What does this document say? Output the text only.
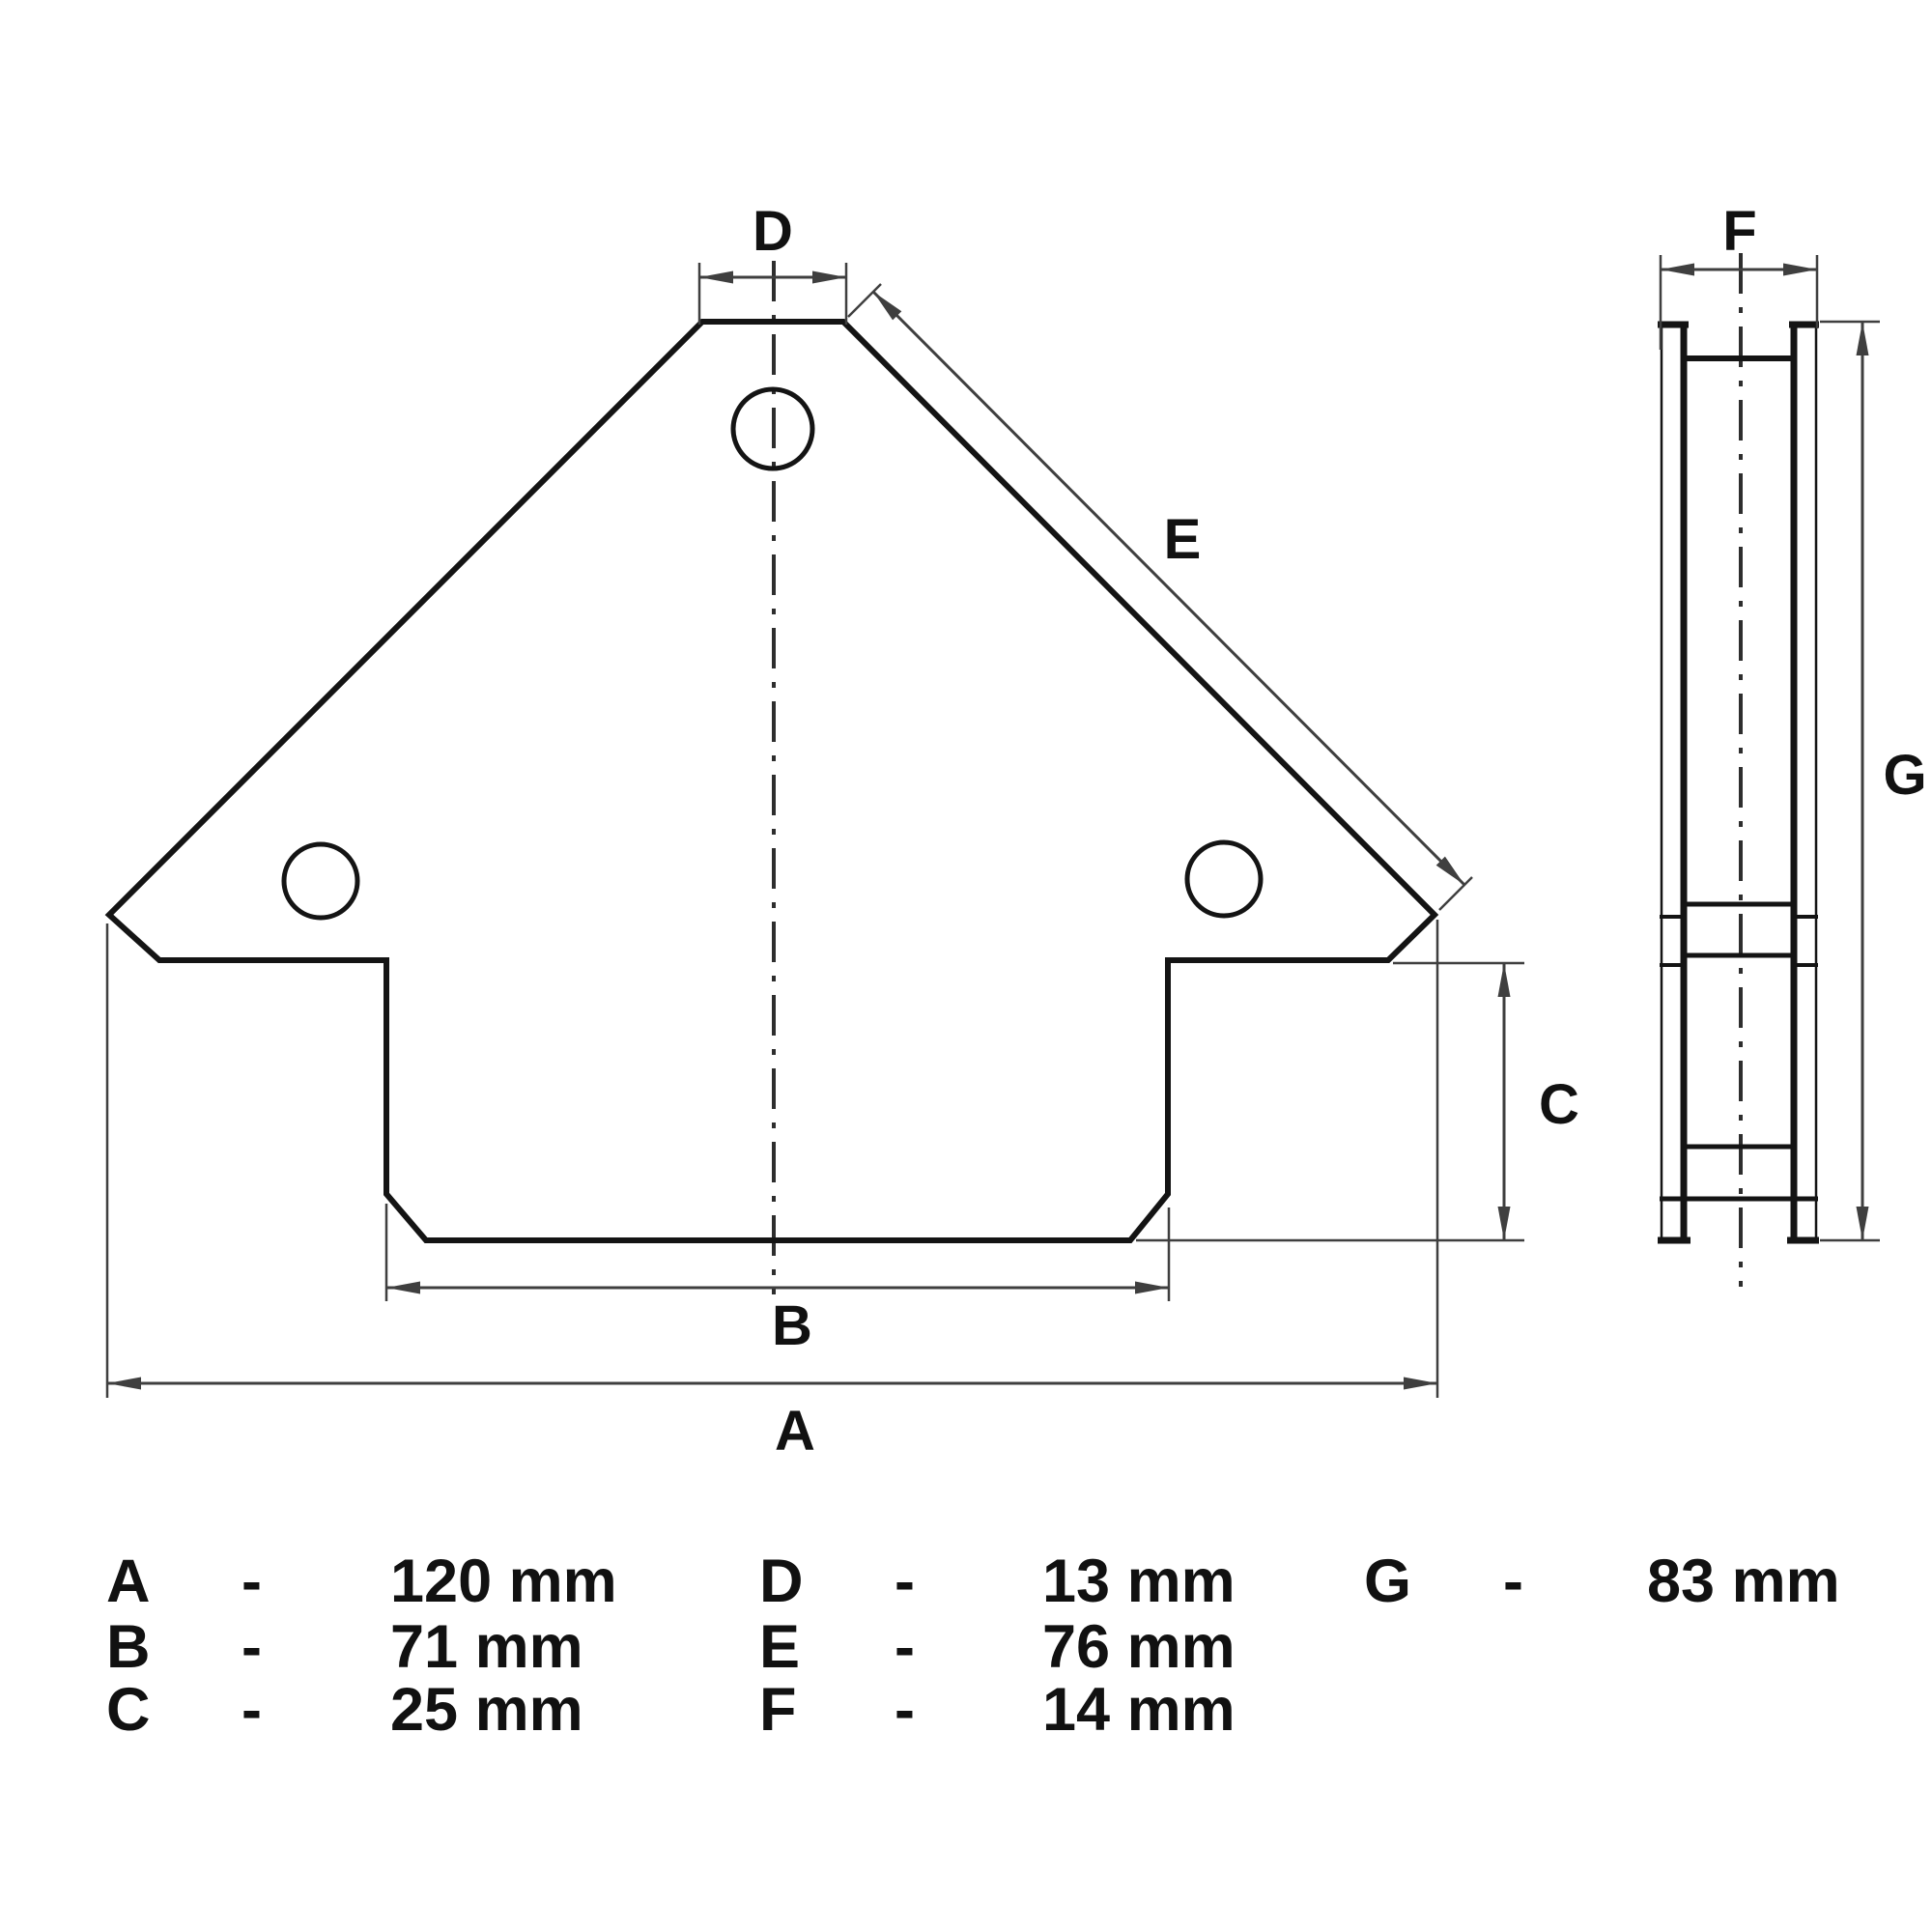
A
B
C
D
E
F
G
A - 120 mm
B - 71 mm
C - 25 mm
D - 13 mm
E - 76 mm
F - 14 mm
G - 83 mm
